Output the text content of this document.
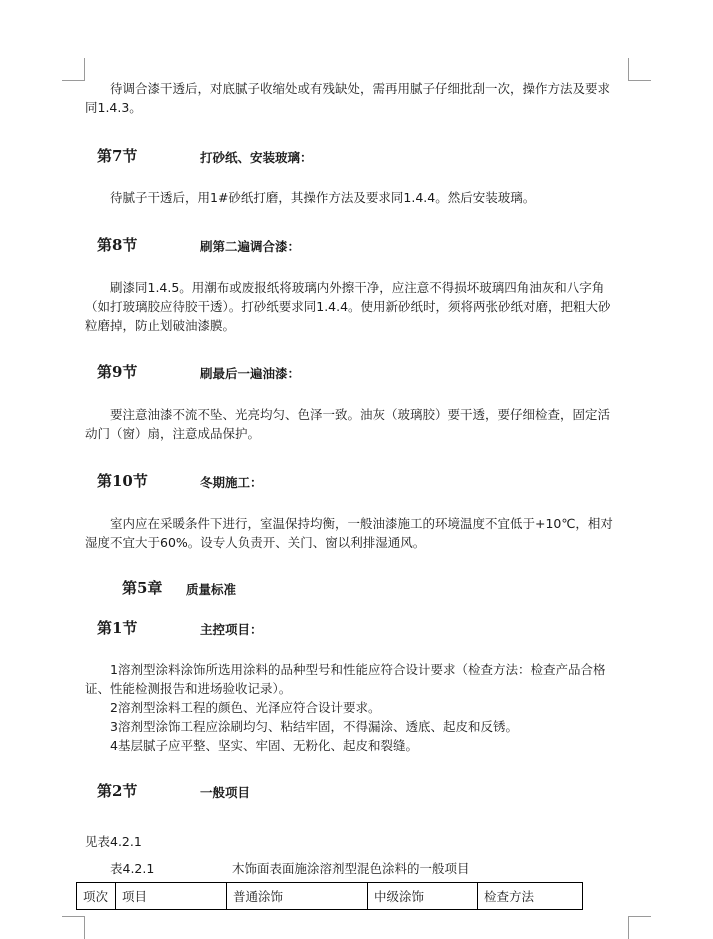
待调合漆干透后，对底腻子收缩处或有残缺处，需再用腻子仔细批刮一次，操作方法及要求同1.4.3。

第7节	打砂纸、安装玻璃：

待腻子干透后，用1#砂纸打磨，其操作方法及要求同1.4.4。然后安装玻璃。

第8节	刷第二遍调合漆：

刷漆同1.4.5。用潮布或废报纸将玻璃内外擦干净，应注意不得损坏玻璃四角油灰和八字角（如打玻璃胶应待胶干透）。打砂纸要求同1.4.4。使用新砂纸时，须将两张砂纸对磨，把粗大砂粒磨掉，防止划破油漆膜。

第9节	刷最后一遍油漆：

要注意油漆不流不坠、光亮均匀、色泽一致。油灰（玻璃胶）要干透，要仔细检查，固定活动门（窗）扇，注意成品保护。

第10节	冬期施工：

室内应在采暖条件下进行，室温保持均衡，一般油漆施工的环境温度不宜低于+10℃，相对湿度不宜大于60%。设专人负责开、关门、窗以利排湿通风。

第5章 质量标准
第1节	主控项目：

1溶剂型涂料涂饰所选用涂料的品种型号和性能应符合设计要求（检查方法：检查产品合格证、性能检测报告和进场验收记录）。

2溶剂型涂料工程的颜色、光泽应符合设计要求。

3溶剂型涂饰工程应涂刷均匀、粘结牢固，不得漏涂、透底、起皮和反锈。

4基层腻子应平整、坚实、牢固、无粉化、起皮和裂缝。

第2节	一般项目
见表4.2.1
表4.2.1	木饰面表面施涂溶剂型混色涂料的一般项目
项次	项目	普通涂饰	中级涂饰	检查方法
